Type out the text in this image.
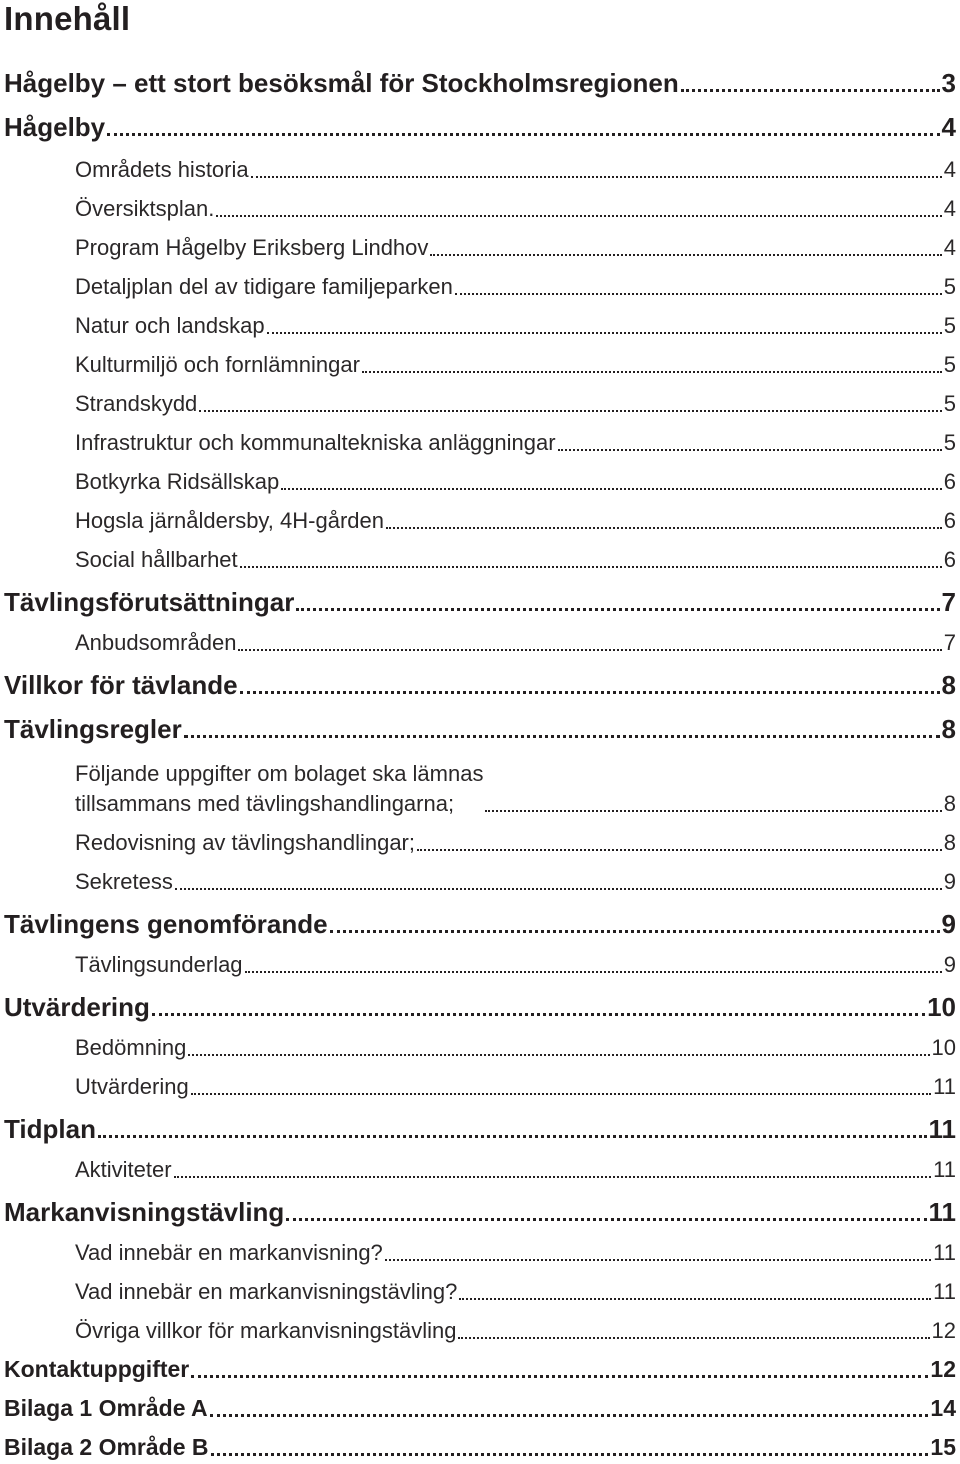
Innehåll
Hågelby – ett stort besöksmål för Stockholmsregionen	3
Hågelby	4
Områdets historia	4
Översiktsplan.	4
Program Hågelby Eriksberg Lindhov	4
Detaljplan del av tidigare familjeparken	5
Natur och landskap	5
Kulturmiljö och fornlämningar	5
Strandskydd	5
Infrastruktur och kommunaltekniska anläggningar	5
Botkyrka Ridsällskap	6
Hogsla järnåldersby, 4H-gården	6
Social hållbarhet	6
Tävlingsförutsättningar	7
Anbudsområden	7
Villkor för tävlande	8
Tävlingsregler	8
Följande uppgifter om bolaget ska lämnas
tillsammans med tävlingshandlingarna;	8
Redovisning av tävlingshandlingar;	8
Sekretess	9
Tävlingens genomförande	9
Tävlingsunderlag	9
Utvärdering	10
Bedömning	10
Utvärdering	11
Tidplan	11
Aktiviteter	11
Markanvisningstävling	11
Vad innebär en markanvisning?	11
Vad innebär en markanvisningstävling?	11
Övriga villkor för markanvisningstävling	12
Kontaktuppgifter	12
Bilaga 1 Område A	14
Bilaga 2 Område B	15
